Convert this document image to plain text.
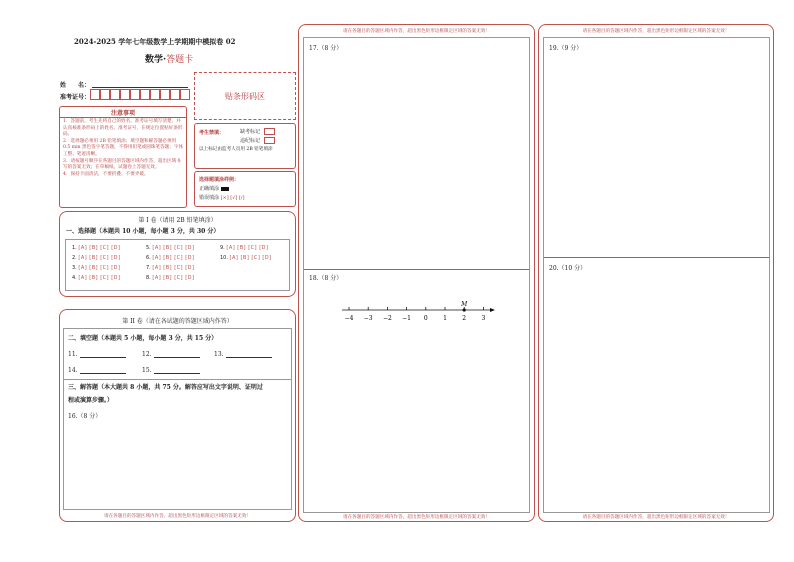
2024-2025 学年七年级数学上学期期中模拟卷 02
数学·答题卡
姓　　名：
准考证号：	贴条形码区
注意事项
1．答题前，考生先将自己的姓名、准考证号填写清楚，并认真核准条形码上的姓名、准考证号，在规定位置贴好条形码。
2．选择题必须用 2B 铅笔填涂；填空题和解答题必须用 0.5 mm 黑色签字笔答题，不得用铅笔或圆珠笔答题；字体工整、笔迹清晰。
3．请按题号顺序在各题目的答题区域内作答，超出区域书写的答案无效；在草稿纸、试题卷上答题无效。
4．保持卡面清洁，不要折叠、不要弄破。
考生禁填：	缺考标记
违纪标记
以上标记由监考人员用 2B 铅笔填涂
选择题填涂样例：
正确填涂
错误填涂 [×] [√] [/]
第 I 卷（请用 2B 铅笔填涂）
一、选择题（本题共 10 小题，每小题 3 分，共 30 分）
1. [A] [B] [C] [D]
2. [A] [B] [C] [D]
3. [A] [B] [C] [D]
4. [A] [B] [C] [D]
5. [A] [B] [C] [D]
6. [A] [B] [C] [D]
7. [A] [B] [C] [D]
8. [A] [B] [C] [D]
9. [A] [B] [C] [D]
10. [A] [B] [C] [D]
第 II 卷（请在各试题的答题区域内作答）
二、填空题（本题共 5 小题，每小题 3 分，共 15 分）
11.	12.	13.
14.	15.
三、解答题（本大题共 8 小题，共 75 分。解答应写出文字说明、证明过
程或演算步骤。）
16.（8 分）
请在各题目的答题区域内作答，超出黑色矩形边框限定区域的答案无效！
请在各题目的答题区域内作答，超出黑色矩形边框限定区域的答案无效！
17.（8 分）
18.（8 分）
−4 −3 −2 −1 0	1	2	3
M
请在各题目的答题区域内作答，超出黑色矩形边框限定区域的答案无效！
请在各题目的答题区域内作答，超出黑色矩形边框限定区域的答案无效！
19.（9 分）
20.（10 分）
请在各题目的答题区域内作答，超出黑色矩形边框限定区域的答案无效！
